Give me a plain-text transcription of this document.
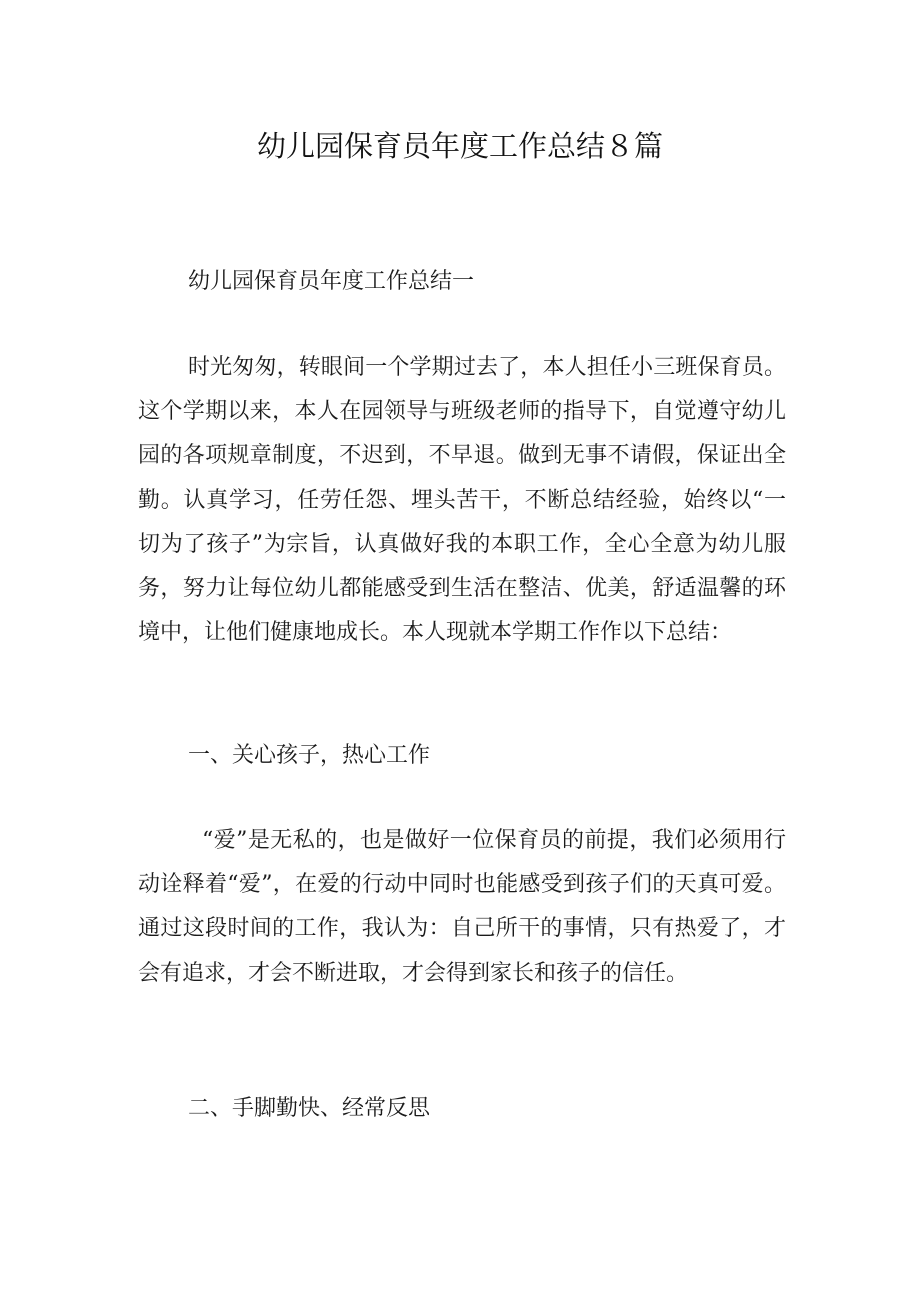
幼儿园保育员年度工作总结８篇
幼儿园保育员年度工作总结一

时光匆匆，转眼间一个学期过去了，本人担任小三班保育员。这个学期以来，本人在园领导与班级老师的指导下，自觉遵守幼儿园的各项规章制度，不迟到，不早退。做到无事不请假，保证出全勤。认真学习，任劳任怨、埋头苦干，不断总结经验，始终以“一切为了孩子”为宗旨，认真做好我的本职工作，全心全意为幼儿服务，努力让每位幼儿都能感受到生活在整洁、优美，舒适温馨的环境中，让他们健康地成长。本人现就本学期工作作以下总结：

一、关心孩子，热心工作

“爱”是无私的，也是做好一位保育员的前提，我们必须用行动诠释着“爱”，在爱的行动中同时也能感受到孩子们的天真可爱。通过这段时间的工作，我认为：自己所干的事情，只有热爱了，才会有追求，才会不断进取，才会得到家长和孩子的信任。

二、手脚勤快、经常反思
